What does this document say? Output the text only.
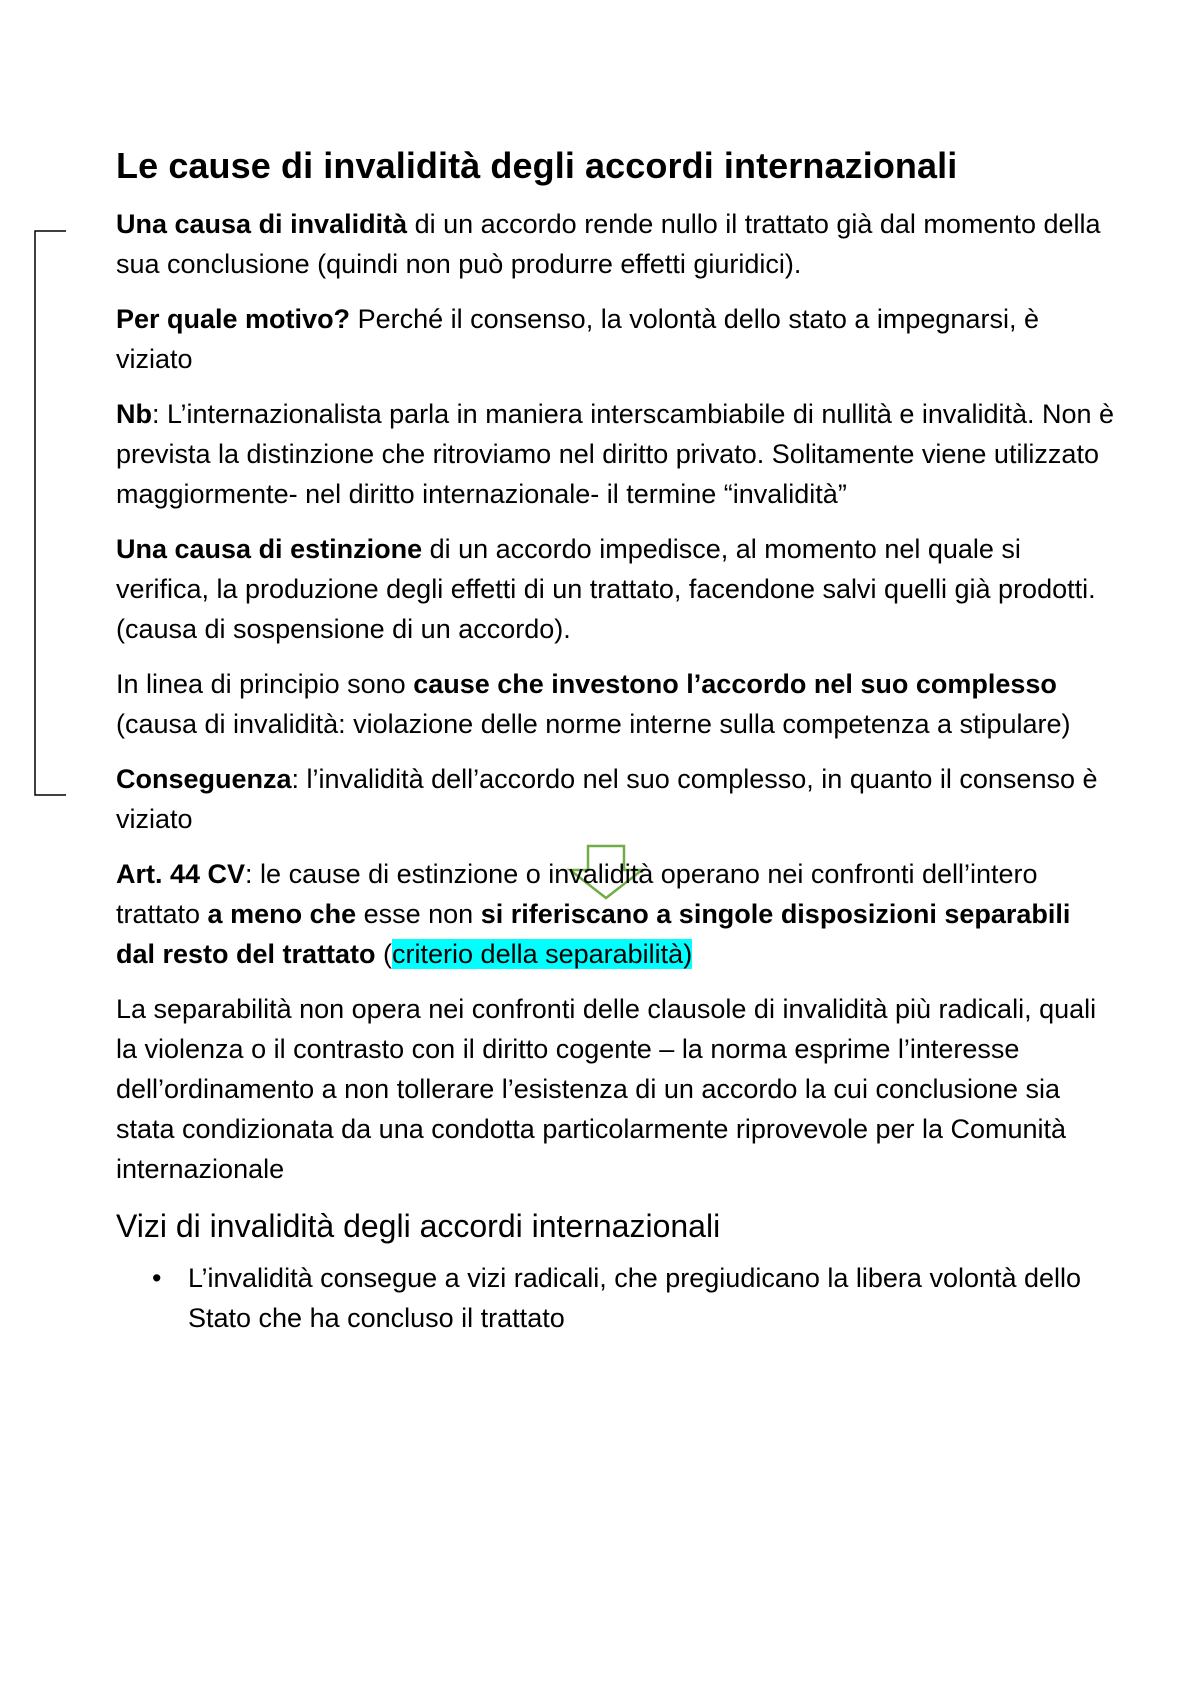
Le cause di invalidità degli accordi internazionali

Una causa di invalidità di un accordo rende nullo il trattato già dal momento della sua conclusione (quindi non può produrre effetti giuridici).

Per quale motivo? Perché il consenso, la volontà dello stato a impegnarsi, è viziato

Nb: L’internazionalista parla in maniera interscambiabile di nullità e invalidità. Non è prevista la distinzione che ritroviamo nel diritto privato. Solitamente viene utilizzato maggiormente- nel diritto internazionale- il termine “invalidità”

Una causa di estinzione di un accordo impedisce, al momento nel quale si verifica, la produzione degli effetti di un trattato, facendone salvi quelli già prodotti. (causa di sospensione di un accordo).

In linea di principio sono cause che investono l’accordo nel suo complesso (causa di invalidità: violazione delle norme interne sulla competenza a stipulare)

Conseguenza: l’invalidità dell’accordo nel suo complesso, in quanto il consenso è viziato

Art. 44 CV: le cause di estinzione o invalidità operano nei confronti dell’intero trattato a meno che esse non si riferiscano a singole disposizioni separabili dal resto del trattato (criterio della separabilità)

La separabilità non opera nei confronti delle clausole di invalidità più radicali, quali la violenza o il contrasto con il diritto cogente – la norma esprime l’interesse dell’ordinamento a non tollerare l’esistenza di un accordo la cui conclusione sia stata condizionata da una condotta particolarmente riprovevole per la Comunità internazionale

Vizi di invalidità degli accordi internazionali
• L’invalidità consegue a vizi radicali, che pregiudicano la libera volontà dello Stato che ha concluso il trattato
